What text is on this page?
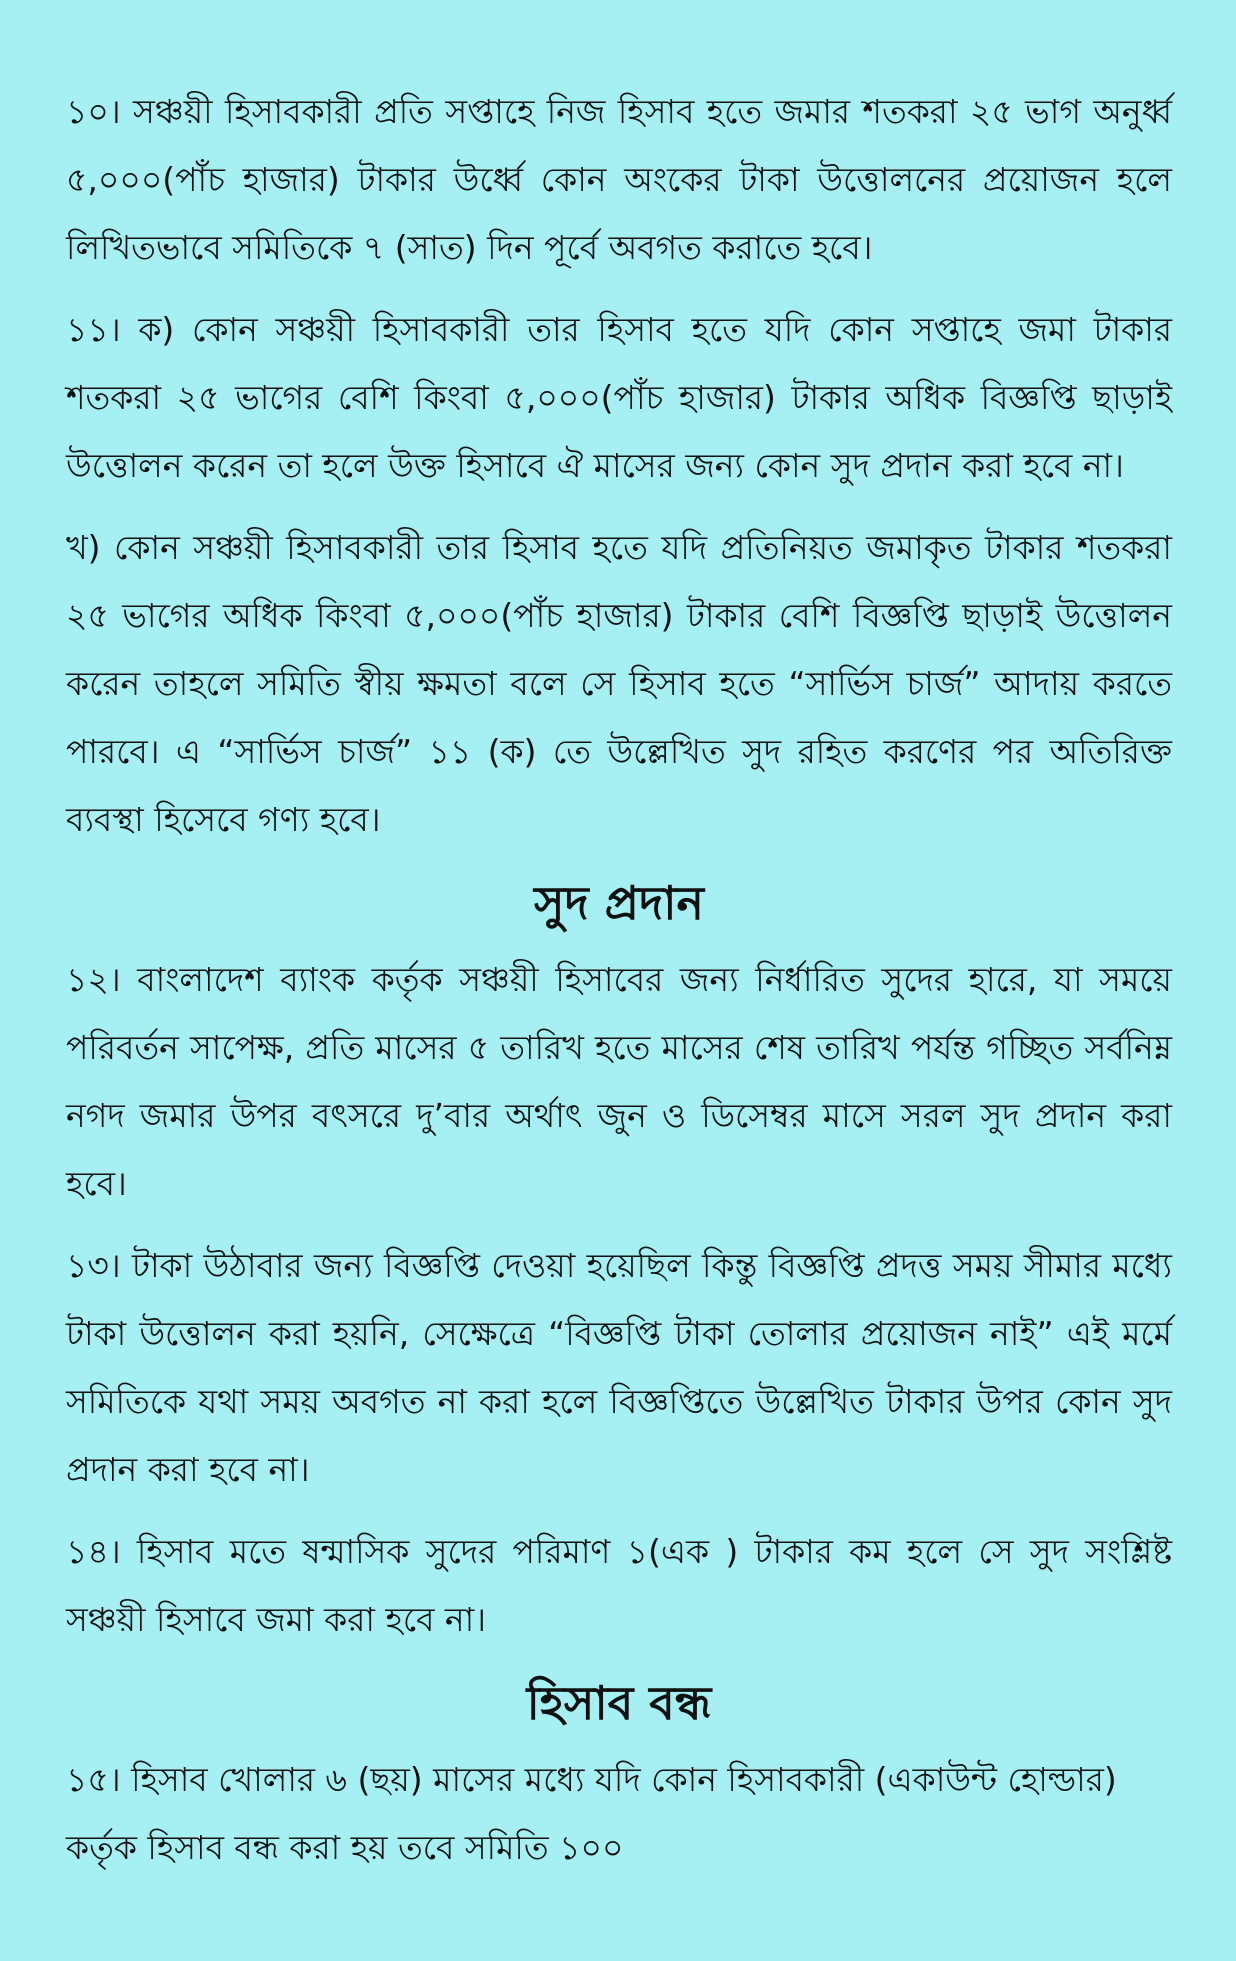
১০। সঞ্চয়ী হিসাবকারী প্রতি সপ্তাহে নিজ হিসাব হতে জমার শতকরা ২৫ ভাগ অনুর্ধ্ব ৫,০০০(পাঁচ হাজার) টাকার উর্ধ্বে কোন অংকের টাকা উত্তোলনের প্রয়োজন হলে লিখিতভাবে সমিতিকে ৭ (সাত) দিন পূর্বে অবগত করাতে হবে।

১১। ক) কোন সঞ্চয়ী হিসাবকারী তার হিসাব হতে যদি কোন সপ্তাহে জমা টাকার শতকরা ২৫ ভাগের বেশি কিংবা ৫,০০০(পাঁচ হাজার) টাকার অধিক বিজ্ঞপ্তি ছাড়াই উত্তোলন করেন তা হলে উক্ত হিসাবে ঐ মাসের জন্য কোন সুদ প্রদান করা হবে না।

খ) কোন সঞ্চয়ী হিসাবকারী তার হিসাব হতে যদি প্রতিনিয়ত জমাকৃত টাকার শতকরা ২৫ ভাগের অধিক কিংবা ৫,০০০(পাঁচ হাজার) টাকার বেশি বিজ্ঞপ্তি ছাড়াই উত্তোলন করেন তাহলে সমিতি স্বীয় ক্ষমতা বলে সে হিসাব হতে “সার্ভিস চার্জ” আদায় করতে পারবে। এ “সার্ভিস চার্জ” ১১ (ক) তে উল্লেখিত সুদ রহিত করণের পর অতিরিক্ত ব্যবস্থা হিসেবে গণ্য হবে।

সুদ প্রদান

১২। বাংলাদেশ ব্যাংক কর্তৃক সঞ্চয়ী হিসাবের জন্য নির্ধারিত সুদের হারে, যা সময়ে পরিবর্তন সাপেক্ষ, প্রতি মাসের ৫ তারিখ হতে মাসের শেষ তারিখ পর্যন্ত গচ্ছিত সর্বনিম্ন নগদ জমার উপর বৎসরে দু’বার অর্থাৎ জুন ও ডিসেম্বর মাসে সরল সুদ প্রদান করা হবে।

১৩। টাকা উঠাবার জন্য বিজ্ঞপ্তি দেওয়া হয়েছিল কিন্তু বিজ্ঞপ্তি প্রদত্ত সময় সীমার মধ্যে টাকা উত্তোলন করা হয়নি, সেক্ষেত্রে “বিজ্ঞপ্তি টাকা তোলার প্রয়োজন নাই” এই মর্মে সমিতিকে যথা সময় অবগত না করা হলে বিজ্ঞপ্তিতে উল্লেখিত টাকার উপর কোন সুদ প্রদান করা হবে না।

১৪। হিসাব মতে ষন্মাসিক সুদের পরিমাণ ১(এক ) টাকার কম হলে সে সুদ সংশ্লিষ্ট সঞ্চয়ী হিসাবে জমা করা হবে না।

হিসাব বন্ধ

১৫। হিসাব খোলার ৬ (ছয়) মাসের মধ্যে যদি কোন হিসাবকারী (একাউন্ট হোল্ডার) কর্তৃক হিসাব বন্ধ করা হয় তবে সমিতি ১০০
